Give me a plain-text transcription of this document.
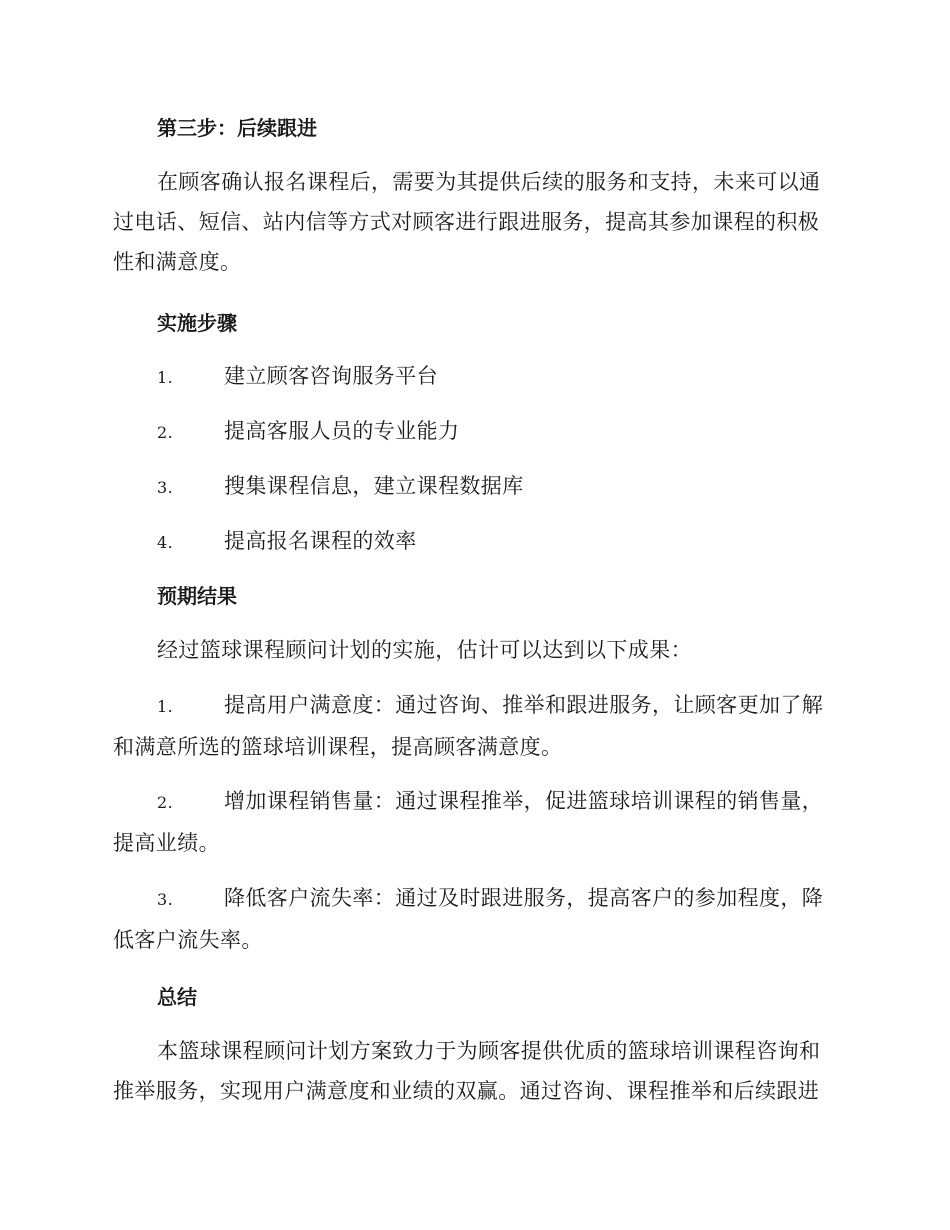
第三步：后续跟进

在顾客确认报名课程后，需要为其提供后续的服务和支持，未来可以通过电话、短信、站内信等方式对顾客进行跟进服务，提高其参加课程的积极性和满意度。

实施步骤
1. 建立顾客咨询服务平台
2. 提高客服人员的专业能力
3. 搜集课程信息，建立课程数据库
4. 提高报名课程的效率
预期结果

经过篮球课程顾问计划的实施，估计可以达到以下成果：

1. 提高用户满意度：通过咨询、推举和跟进服务，让顾客更加了解和满意所选的篮球培训课程，提高顾客满意度。
2. 增加课程销售量：通过课程推举，促进篮球培训课程的销售量，提高业绩。
3. 降低客户流失率：通过及时跟进服务，提高客户的参加程度，降低客户流失率。
总结

本篮球课程顾问计划方案致力于为顾客提供优质的篮球培训课程咨询和推举服务，实现用户满意度和业绩的双赢。通过咨询、课程推举和后续跟进
